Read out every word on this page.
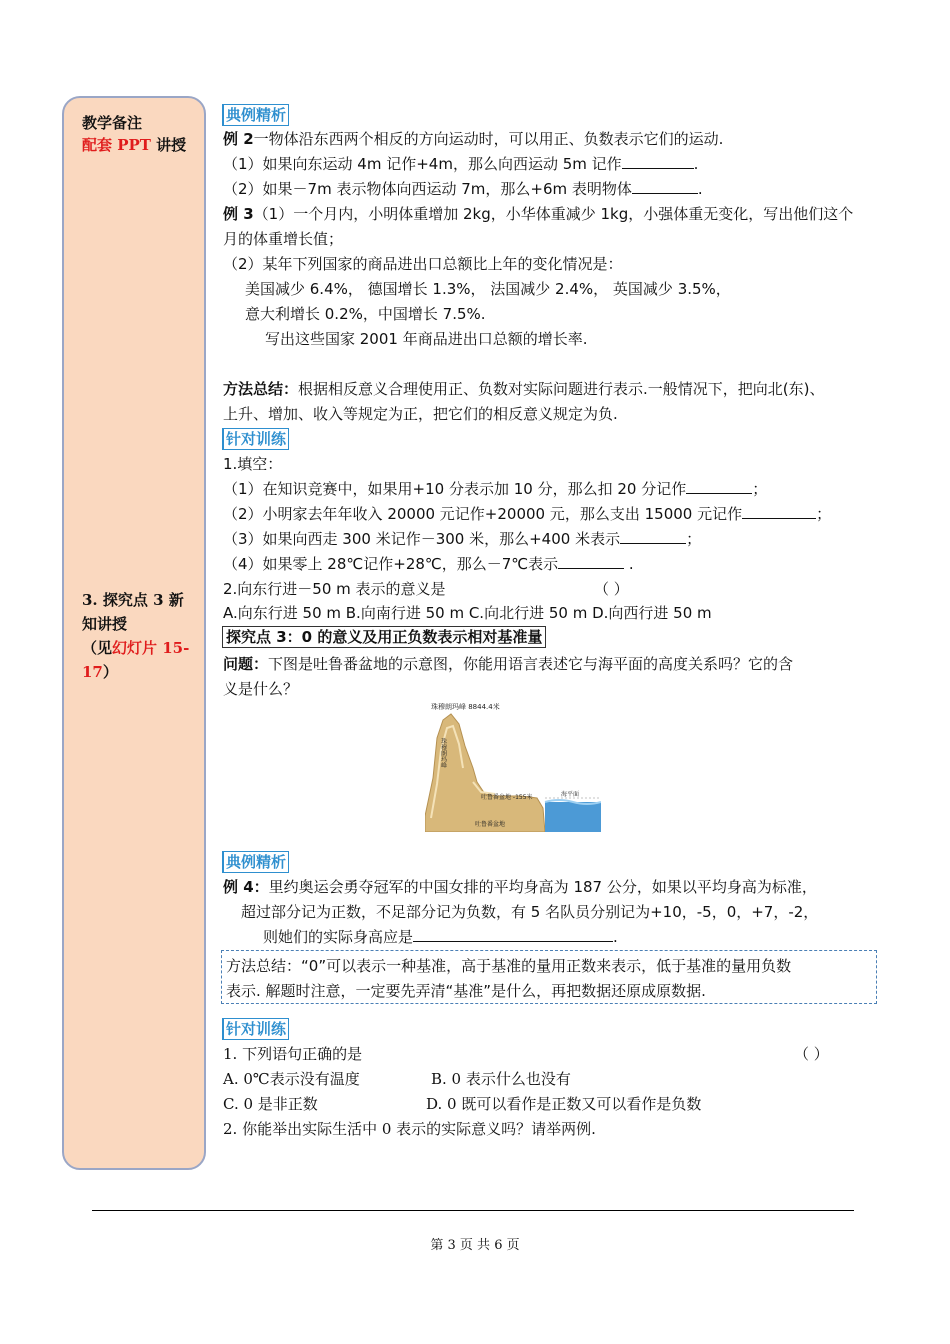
教学备注
配套 PPT 讲授
3. 探究点 3 新知讲授
（见幻灯片 15-17）
典例精析
例 2一物体沿东西两个相反的方向运动时，可以用正、负数表示它们的运动.
（1）如果向东运动 4m 记作+4m，那么向西运动 5m 记作	.
（2）如果－7m 表示物体向西运动 7m，那么+6m 表明物体	.
例 3（1）一个月内，小明体重增加 2kg，小华体重减少 1kg，小强体重无变化，写出他们这个
月的体重增长值；
（2）某年下列国家的商品进出口总额比上年的变化情况是：
美国减少 6.4%， 德国增长 1.3%， 法国减少 2.4%， 英国减少 3.5%，
意大利增长 0.2%，中国增长 7.5%.
写出这些国家 2001 年商品进出口总额的增长率.
方法总结：根据相反意义合理使用正、负数对实际问题进行表示.一般情况下，把向北(东)、
上升、增加、收入等规定为正，把它们的相反意义规定为负.
针对训练
1.填空：
（1）在知识竞赛中，如果用+10 分表示加 10 分，那么扣 20 分记作	；
（2）小明家去年年收入 20000 元记作+20000 元，那么支出 15000 元记作	；
（3）如果向西走 300 米记作－300 米，那么+400 米表示	；
（4）如果零上 28℃记作+28℃，那么－7℃表示	.
2.向东行进－50 m 表示的意义是	（ ）
A.向东行进 50 m B.向南行进 50 m C.向北行进 50 m D.向西行进 50 m
探究点 3：0 的意义及用正负数表示相对基准量
问题：下图是吐鲁番盆地的示意图，你能用语言表述它与海平面的高度关系吗？它的含
义是什么？
珠穆朗玛峰 8844.4米
珠穆朗玛峰
吐鲁番盆地 -155米	海平面
吐鲁番盆地
典例精析
例 4：里约奥运会勇夺冠军的中国女排的平均身高为 187 公分，如果以平均身高为标准，
超过部分记为正数，不足部分记为负数，有 5 名队员分别记为+10，-5，0，+7，-2，
则她们的实际身高应是	.
方法总结：“0”可以表示一种基准，高于基准的量用正数来表示，低于基准的量用负数
表示. 解题时注意，一定要先弄清“基准”是什么，再把数据还原成原数据.
针对训练
1. 下列语句正确的是	（ ）
A. 0℃表示没有温度	B. 0 表示什么也没有
C. 0 是非正数	D. 0 既可以看作是正数又可以看作是负数
2. 你能举出实际生活中 0 表示的实际意义吗？请举两例.
第 3 页 共 6 页
